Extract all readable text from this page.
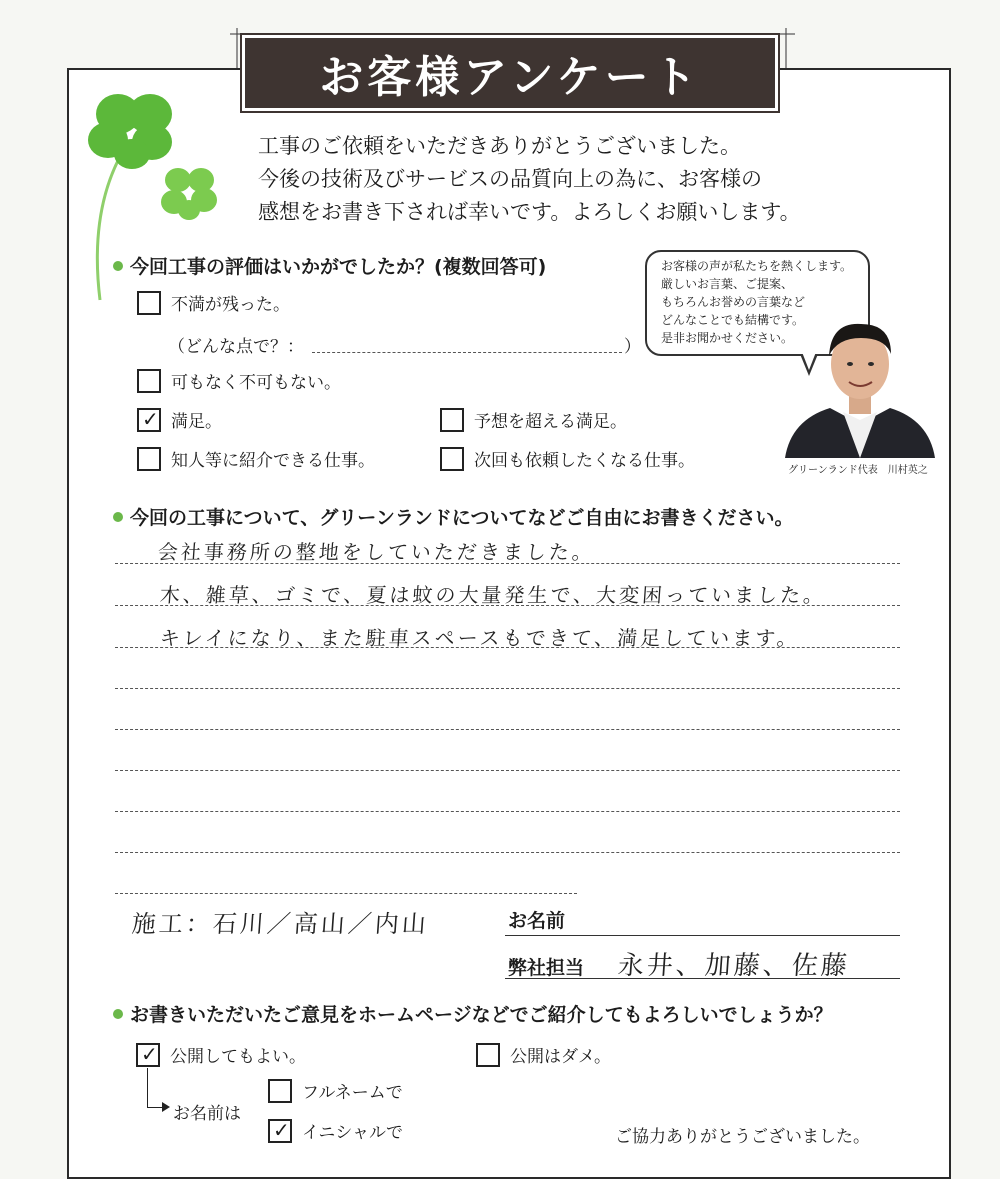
お客様アンケート
工事のご依頼をいただきありがとうございました。
今後の技術及びサービスの品質向上の為に、お客様の
感想をお書き下されば幸いです。よろしくお願いします。
今回工事の評価はいかがでしたか？(複数回答可)
不満が残った。
（どんな点で？：	）
可もなく不可もない。
✓ 満足。	予想を超える満足。
知人等に紹介できる仕事。	次回も依頼したくなる仕事。
お客様の声が私たちを熱くします。
厳しいお言葉、ご提案、
もちろんお誉めの言葉など
どんなことでも結構です。
是非お聞かせください。
グリーンランド代表　川村英之
今回の工事について、グリーンランドについてなどご自由にお書きください。
会社事務所の整地をしていただきました。
木、雑草、ゴミで、夏は蚊の大量発生で、大変困っていました。
キレイになり、また駐車スペースもできて、満足しています。
施工：石川／高山／内山	お名前
弊社担当 永井、加藤、佐藤
お書きいただいたご意見をホームページなどでご紹介してもよろしいでしょうか？
✓ 公開してもよい。	公開はダメ。
お名前は
フルネームで
✓ イニシャルで	ご協力ありがとうございました。
